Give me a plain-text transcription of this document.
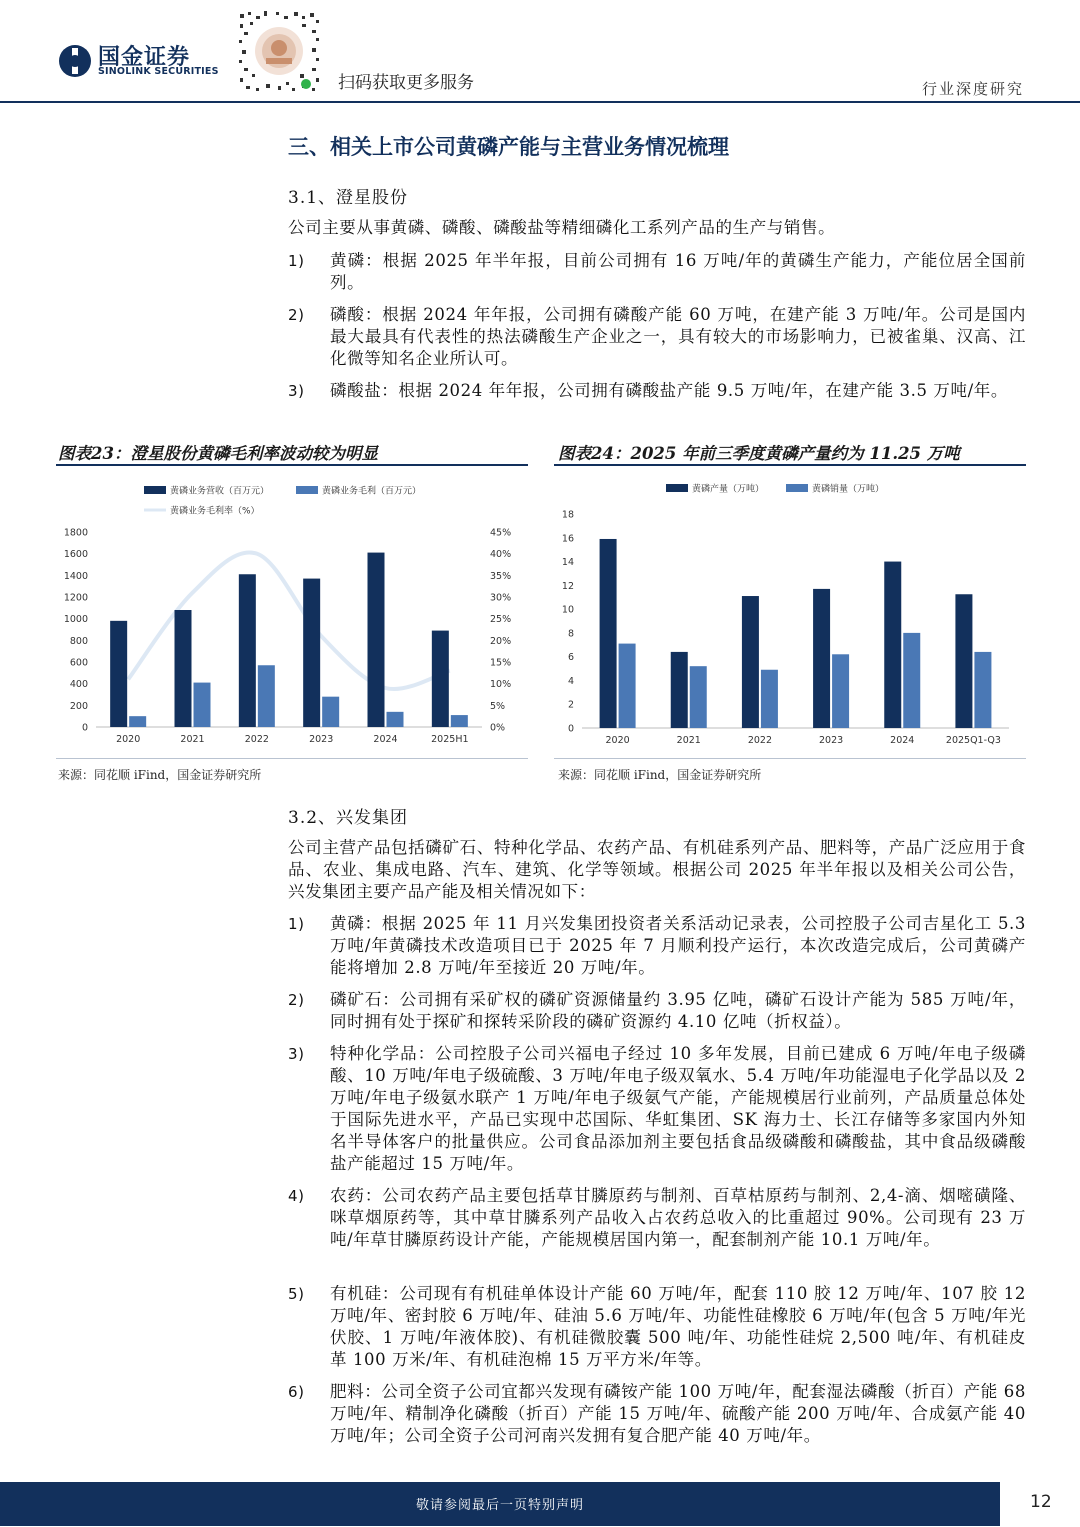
国金证券
SINOLINK SECURITIES
扫码获取更多服务	行业深度研究
三、相关上市公司黄磷产能与主营业务情况梳理
3.1、澄星股份
公司主要从事黄磷、磷酸、磷酸盐等精细磷化工系列产品的生产与销售。
1) 黄磷：根据 2025 年半年报，目前公司拥有 16 万吨/年的黄磷生产能力，产能位居全国前列。
2) 磷酸：根据 2024 年年报，公司拥有磷酸产能 60 万吨，在建产能 3 万吨/年。公司是国内最大最具有代表性的热法磷酸生产企业之一，具有较大的市场影响力，已被雀巢、汉高、江化微等知名企业所认可。
3) 磷酸盐：根据 2024 年年报，公司拥有磷酸盐产能 9.5 万吨/年，在建产能 3.5 万吨/年。
图表23：澄星股份黄磷毛利率波动较为明显
0
200
400
600
800
1000
1200
1400
1600
1800
0%
5%
10%
15%
20%
25%
30%
35%
40%
45%
2020	2021	2022	2023	2024	2025H1
黄磷业务营收（百万元）	黄磷业务毛利（百万元）
黄磷业务毛利率（%）
来源：同花顺 iFind，国金证券研究所
图表24：2025 年前三季度黄磷产量约为 11.25 万吨
0
2
4
6
8
10
12
14
16
18
2020	2021	2022	2023	2024	2025Q1-Q3
黄磷产量（万吨）	黄磷销量（万吨）
来源：同花顺 iFind，国金证券研究所
3.2、兴发集团
公司主营产品包括磷矿石、特种化学品、农药产品、有机硅系列产品、肥料等，产品广泛应用于食品、农业、集成电路、汽车、建筑、化学等领域。根据公司 2025 年半年报以及相关公司公告，兴发集团主要产品产能及相关情况如下：
1) 黄磷：根据 2025 年 11 月兴发集团投资者关系活动记录表，公司控股子公司吉星化工 5.3 万吨/年黄磷技术改造项目已于 2025 年 7 月顺利投产运行，本次改造完成后，公司黄磷产能将增加 2.8 万吨/年至接近 20 万吨/年。
2) 磷矿石：公司拥有采矿权的磷矿资源储量约 3.95 亿吨，磷矿石设计产能为 585 万吨/年，同时拥有处于探矿和探转采阶段的磷矿资源约 4.10 亿吨（折权益）。
3) 特种化学品：公司控股子公司兴福电子经过 10 多年发展，目前已建成 6 万吨/年电子级磷酸、10 万吨/年电子级硫酸、3 万吨/年电子级双氧水、5.4 万吨/年功能湿电子化学品以及 2 万吨/年电子级氨水联产 1 万吨/年电子级氨气产能，产能规模居行业前列，产品质量总体处于国际先进水平，产品已实现中芯国际、华虹集团、SK 海力士、长江存储等多家国内外知名半导体客户的批量供应。公司食品添加剂主要包括食品级磷酸和磷酸盐，其中食品级磷酸盐产能超过 15 万吨/年。
4) 农药：公司农药产品主要包括草甘膦原药与制剂、百草枯原药与制剂、2,4-滴、烟嘧磺隆、咪草烟原药等，其中草甘膦系列产品收入占农药总收入的比重超过 90%。公司现有 23 万吨/年草甘膦原药设计产能，产能规模居国内第一，配套制剂产能 10.1 万吨/年。
5) 有机硅：公司现有有机硅单体设计产能 60 万吨/年，配套 110 胶 12 万吨/年、107 胶 12 万吨/年、密封胶 6 万吨/年、硅油 5.6 万吨/年、功能性硅橡胶 6 万吨/年(包含 5 万吨/年光伏胶、1 万吨/年液体胶)、有机硅微胶囊 500 吨/年、功能性硅烷 2,500 吨/年、有机硅皮革 100 万米/年、有机硅泡棉 15 万平方米/年等。
6) 肥料：公司全资子公司宜都兴发现有磷铵产能 100 万吨/年，配套湿法磷酸（折百）产能 68 万吨/年、精制净化磷酸（折百）产能 15 万吨/年、硫酸产能 200 万吨/年、合成氨产能 40 万吨/年；公司全资子公司河南兴发拥有复合肥产能 40 万吨/年。
敬请参阅最后一页特别声明	12
